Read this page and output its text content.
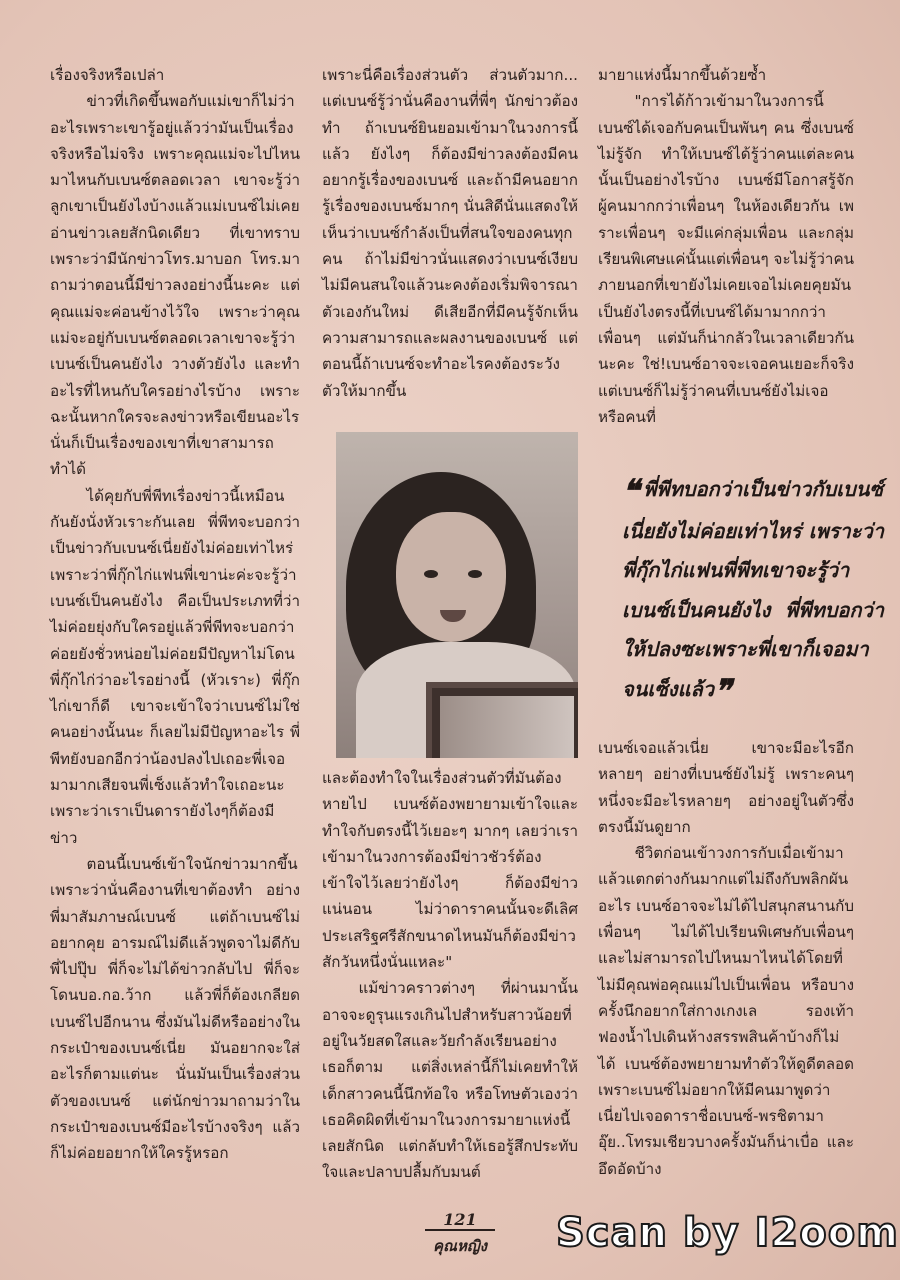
เรื่องจริงหรือเปล่า

ข่าวที่เกิดขึ้นพอกับแม่เขาก็ไม่ว่าอะไรเพราะเขารู้อยู่แล้วว่ามันเป็นเรื่องจริงหรือไม่จริง เพราะคุณแม่จะไปไหนมาไหนกับเบนซ์ตลอดเวลา เขาจะรู้ว่าลูกเขาเป็นยังไงบ้างแล้วแม่เบนซ์ไม่เคยอ่านข่าวเลยสักนิดเดียว ที่เขาทราบเพราะว่ามีนักข่าวโทร.มาบอก โทร.มาถามว่าตอนนี้มีข่าวลงอย่างนี้นะคะ แต่คุณแม่จะค่อนข้างไว้ใจ เพราะว่าคุณแม่จะอยู่กับเบนซ์ตลอดเวลาเขาจะรู้ว่าเบนซ์เป็นคนยังไง วางตัวยังไง และทำอะไรที่ไหนกับใครอย่างไรบ้าง เพราะฉะนั้นหากใครจะลงข่าวหรือเขียนอะไร นั่นก็เป็นเรื่องของเขาที่เขาสามารถทำได้

ได้คุยกับพี่พีทเรื่องข่าวนี้เหมือนกันยังนั่งหัวเราะกันเลย พี่พีทจะบอกว่าเป็นข่าวกับเบนซ์เนี่ยยังไม่ค่อยเท่าไหร่ เพราะว่าพี่กุ๊กไก่แฟนพี่เขาน่ะค่ะจะรู้ว่าเบนซ์เป็นคนยังไง คือเป็นประเภทที่ว่าไม่ค่อยยุ่งกับใครอยู่แล้วพี่พีทจะบอกว่าค่อยยังชั่วหน่อยไม่ค่อยมีปัญหาไม่โดนพี่กุ๊กไก่ว่าอะไรอย่างนี้ (หัวเราะ) พี่กุ๊กไก่เขาก็ดี เขาจะเข้าใจว่าเบนซ์ไม่ใช่คนอย่างนั้นนะ ก็เลยไม่มีปัญหาอะไร พี่พีทยังบอกอีกว่าน้องปลงไปเถอะพี่เจอมามากเสียจนพี่เซ็งแล้วทำใจเถอะนะเพราะว่าเราเป็นดารายังไงๆก็ต้องมีข่าว

ตอนนี้เบนซ์เข้าใจนักข่าวมากขึ้นเพราะว่านั่นคืองานที่เขาต้องทำ อย่างพี่มาสัมภาษณ์เบนซ์ แต่ถ้าเบนซ์ไม่อยากคุย อารมณ์ไม่ดีแล้วพูดจาไม่ดีกับพี่ไปปุ๊บ พี่ก็จะไม่ได้ข่าวกลับไป พี่ก็จะโดนบอ.กอ.ว้าก แล้วพี่ก็ต้องเกลียดเบนซ์ไปอีกนาน ซึ่งมันไม่ดีหรืออย่างในกระเป๋าของเบนซ์เนี่ย มันอยากจะใส่อะไรก็ตามแต่นะ นั่นมันเป็นเรื่องส่วนตัวของเบนซ์ แต่นักข่าวมาถามว่าในกระเป๋าของเบนซ์มีอะไรบ้างจริงๆ แล้วก็ไม่ค่อยอยากให้ใครรู้หรอก

เพราะนี่คือเรื่องส่วนตัว ส่วนตัวมาก... แต่เบนซ์รู้ว่านั่นคืองานที่พี่ๆ นักข่าวต้องทำ ถ้าเบนซ์ยินยอมเข้ามาในวงการนี้แล้ว ยังไงๆ ก็ต้องมีข่าวลงต้องมีคนอยากรู้เรื่องของเบนซ์ และถ้ามีคนอยากรู้เรื่องของเบนซ์มากๆ นั่นสิดีนั่นแสดงให้เห็นว่าเบนซ์กำลังเป็นที่สนใจของคนทุกคน ถ้าไม่มีข่าวนั่นแสดงว่าเบนซ์เงียบ ไม่มีคนสนใจแล้วนะคงต้องเริ่มพิจารณาตัวเองกันใหม่ ดีเสียอีกที่มีคนรู้จักเห็นความสามารถและผลงานของเบนซ์ แต่ตอนนี้ถ้าเบนซ์จะทำอะไรคงต้องระวังตัวให้มากขึ้น

และต้องทำใจในเรื่องส่วนตัวที่มันต้องหายไป เบนซ์ต้องพยายามเข้าใจและทำใจกับตรงนี้ไว้เยอะๆ มากๆ เลยว่าเราเข้ามาในวงการต้องมีข่าวชัวร์ต้องเข้าใจไว้เลยว่ายังไงๆ ก็ต้องมีข่าวแน่นอน ไม่ว่าดาราคนนั้นจะดีเลิศประเสริฐศรีสักขนาดไหนมันก็ต้องมีข่าวสักวันหนึ่งนั่นแหละ"

แม้ข่าวคราวต่างๆ ที่ผ่านมานั้นอาจจะดูรุนแรงเกินไปสำหรับสาวน้อยที่อยู่ในวัยสดใสและวัยกำลังเรียนอย่างเธอก็ตาม แต่สิ่งเหล่านี้ก็ไม่เคยทำให้เด็กสาวคนนี้นึกท้อใจ หรือโทษตัวเองว่าเธอคิดผิดที่เข้ามาในวงการมายาแห่งนี้เลยสักนิด แต่กลับทำให้เธอรู้สึกประทับใจและปลาบปลื้มกับมนต์

มายาแห่งนี้มากขึ้นด้วยซ้ำ

"การได้ก้าวเข้ามาในวงการนี้เบนซ์ได้เจอกับคนเป็นพันๆ คน ซึ่งเบนซ์ไม่รู้จัก ทำให้เบนซ์ได้รู้ว่าคนแต่ละคนนั้นเป็นอย่างไรบ้าง เบนซ์มีโอกาสรู้จักผู้คนมากกว่าเพื่อนๆ ในห้องเดียวกัน เพราะเพื่อนๆ จะมีแค่กลุ่มเพื่อน และกลุ่มเรียนพิเศษแค่นั้นแต่เพื่อนๆ จะไม่รู้ว่าคนภายนอกที่เขายังไม่เคยเจอไม่เคยคุยมันเป็นยังไงตรงนี้ที่เบนซ์ได้มามากกว่าเพื่อนๆ แต่มันก็น่ากลัวในเวลาเดียวกันนะคะ ใช่!เบนซ์อาจจะเจอคนเยอะก็จริงแต่เบนซ์ก็ไม่รู้ว่าคนที่เบนซ์ยังไม่เจอหรือคนที่

❝ พี่พีทบอกว่าเป็นข่าวกับเบนซ์เนี่ยยังไม่ค่อยเท่าไหร่ เพราะว่าพี่กุ๊กไก่แฟนพี่พีทเขาจะรู้ว่าเบนซ์เป็นคนยังไง พี่พีทบอกว่าให้ปลงซะเพราะพี่เขาก็เจอมาจนเซ็งแล้ว❞

เบนซ์เจอแล้วเนี่ย เขาจะมีอะไรอีกหลายๆ อย่างที่เบนซ์ยังไม่รู้ เพราะคนๆหนึ่งจะมีอะไรหลายๆ อย่างอยู่ในตัวซึ่งตรงนี้มันดูยาก

ชีวิตก่อนเข้าวงการกับเมื่อเข้ามาแล้วแตกต่างกันมากแต่ไม่ถึงกับพลิกผันอะไร เบนซ์อาจจะไม่ได้ไปสนุกสนานกับเพื่อนๆ ไม่ได้ไปเรียนพิเศษกับเพื่อนๆ และไม่สามารถไปไหนมาไหนได้โดยที่ไม่มีคุณพ่อคุณแม่ไปเป็นเพื่อน หรือบางครั้งนึกอยากใส่กางเกงเล รองเท้าฟองน้ำไปเดินห้างสรรพสินค้าบ้างก็ไม่ได้ เบนซ์ต้องพยายามทำตัวให้ดูดีตลอด เพราะเบนซ์ไม่อยากให้มีคนมาพูดว่าเนี่ยไปเจอดาราชื่อเบนซ์-พรชิตามา อุ๊ย..โทรมเชียวบางครั้งมันก็น่าเบื่อ และอึดอัดบ้าง

121
คุณหญิง	Scan by I2oom
